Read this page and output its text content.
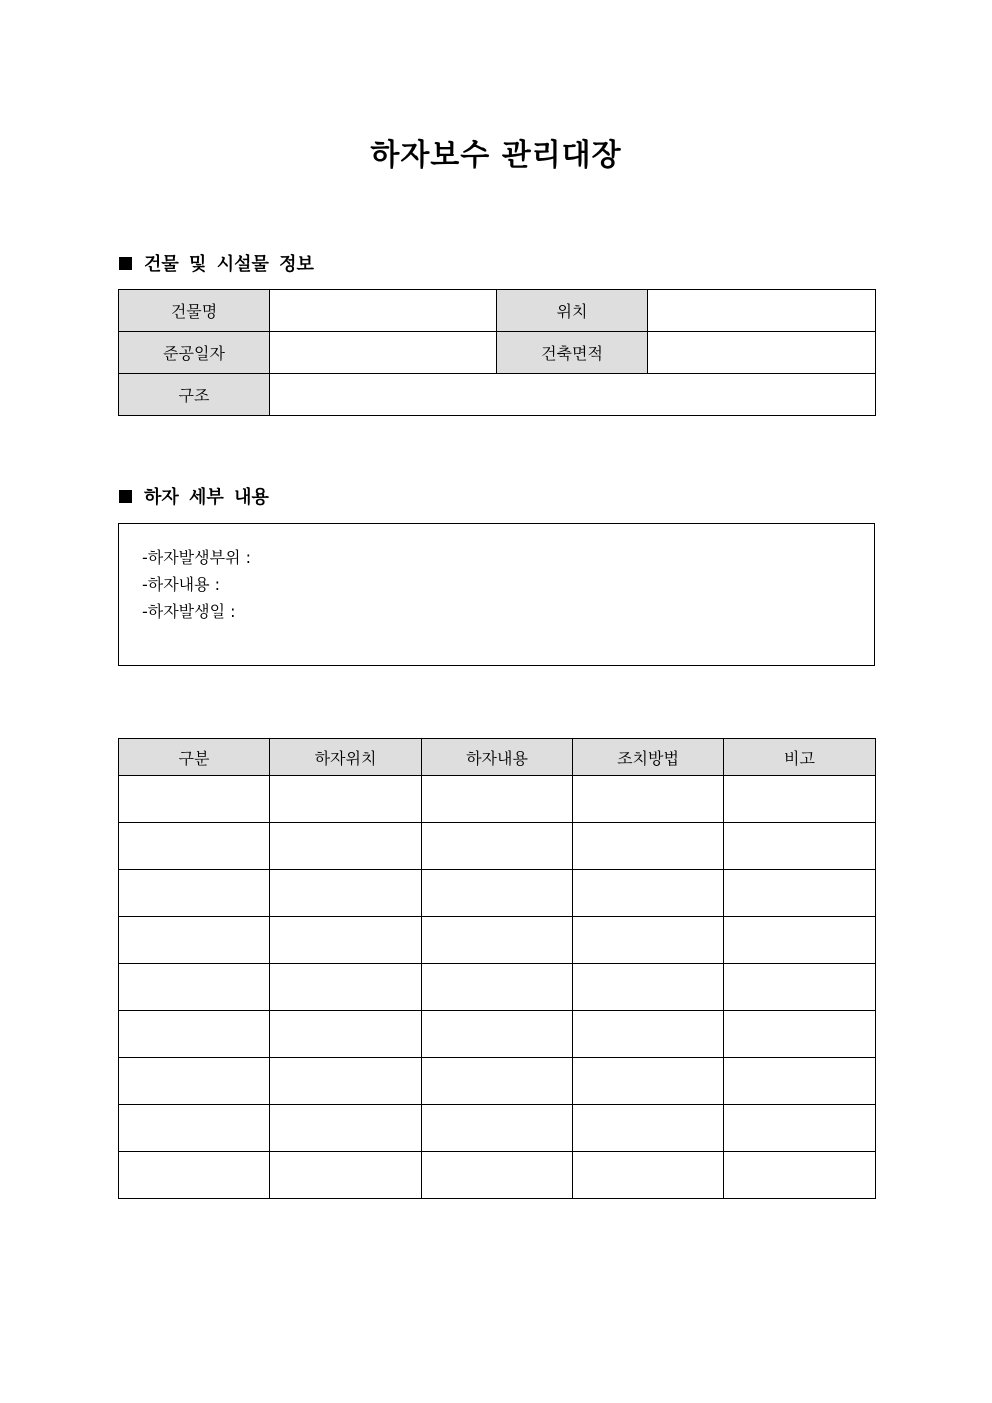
하자보수 관리대장
건물 및 시설물 정보
건물명		위치	
준공일자		건축면적	
구조			
하자 세부 내용
-하자발생부위 :
-하자내용 :
-하자발생일 :
구분	하자위치	하자내용	조치방법	비고
